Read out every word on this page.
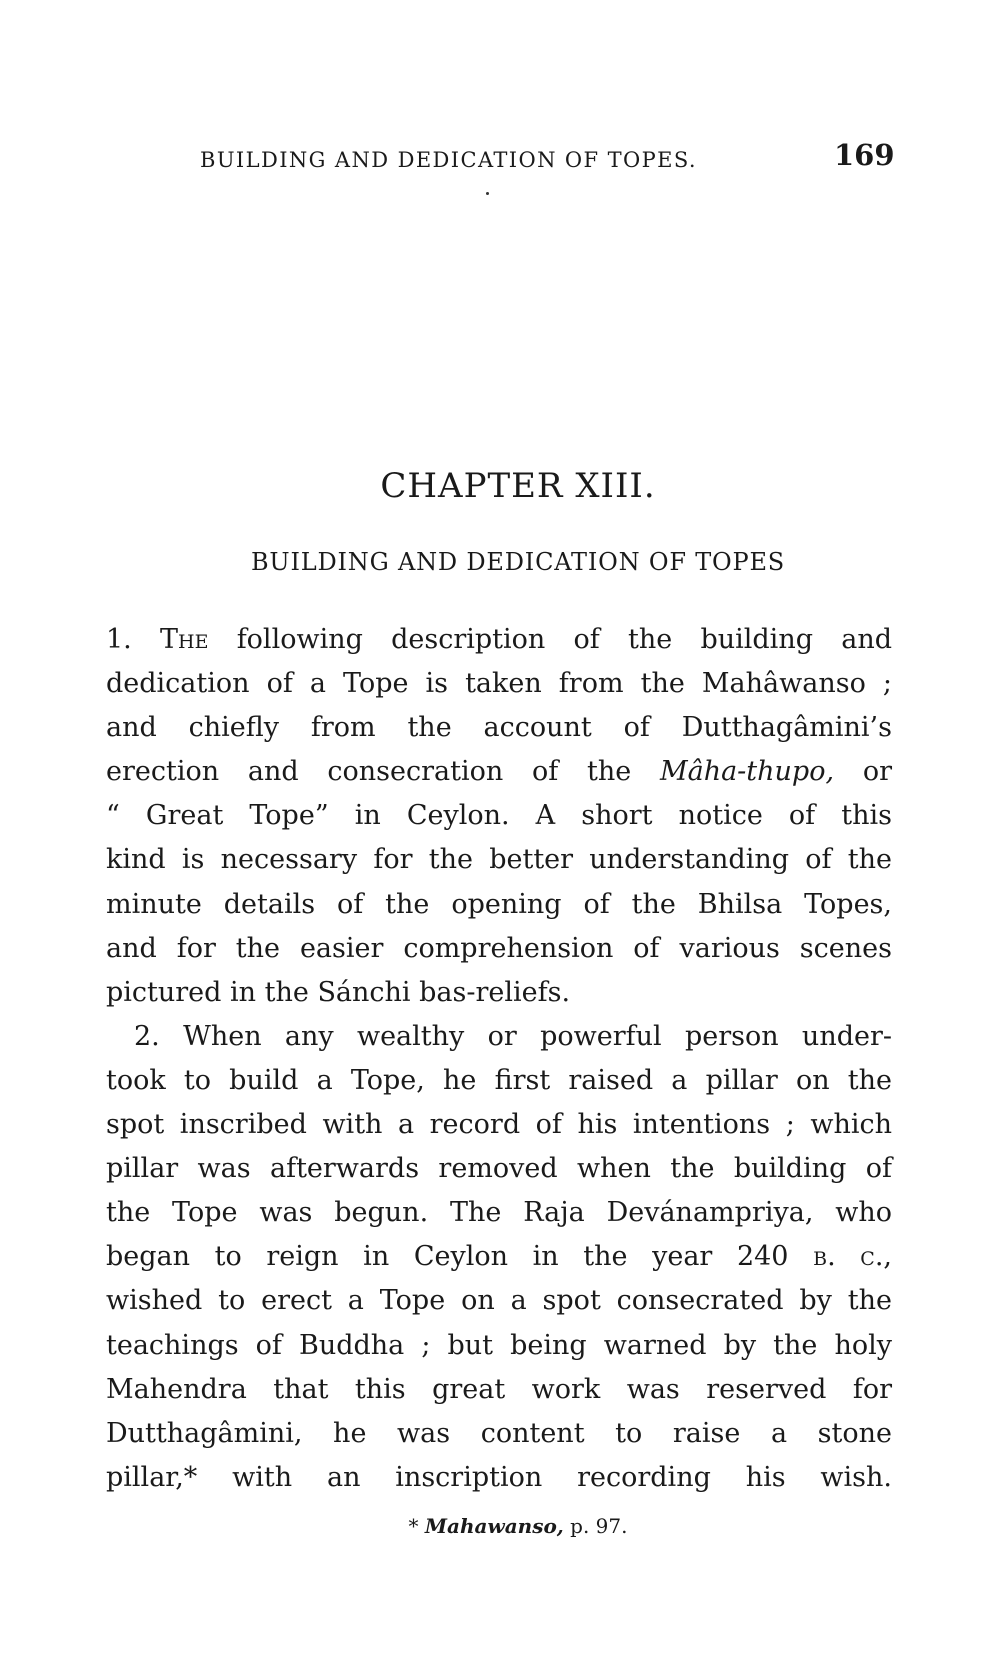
BUILDING AND DEDICATION OF TOPES.	169
CHAPTER XIII.
BUILDING AND DEDICATION OF TOPES
1. The following description of the building and
dedication of a Tope is taken from the Mahâwanso ;
and chiefly from the account of Dutthagâmini’s
erection and consecration of the Mâha-thupo, or
“ Great Tope” in Ceylon. A short notice of this
kind is necessary for the better understanding of the
minute details of the opening of the Bhilsa Topes,
and for the easier comprehension of various scenes
pictured in the Sánchi bas-reliefs.
2. When any wealthy or powerful person under-
took to build a Tope, he first raised a pillar on the
spot inscribed with a record of his intentions ; which
pillar was afterwards removed when the building of
the Tope was begun. The Raja Devánampriya, who
began to reign in Ceylon in the year 240 b. c.,
wished to erect a Tope on a spot consecrated by the
teachings of Buddha ; but being warned by the holy
Mahendra that this great work was reserved for
Dutthagâmini, he was content to raise a stone
pillar,* with an inscription recording his wish.
* Mahawanso, p. 97.
